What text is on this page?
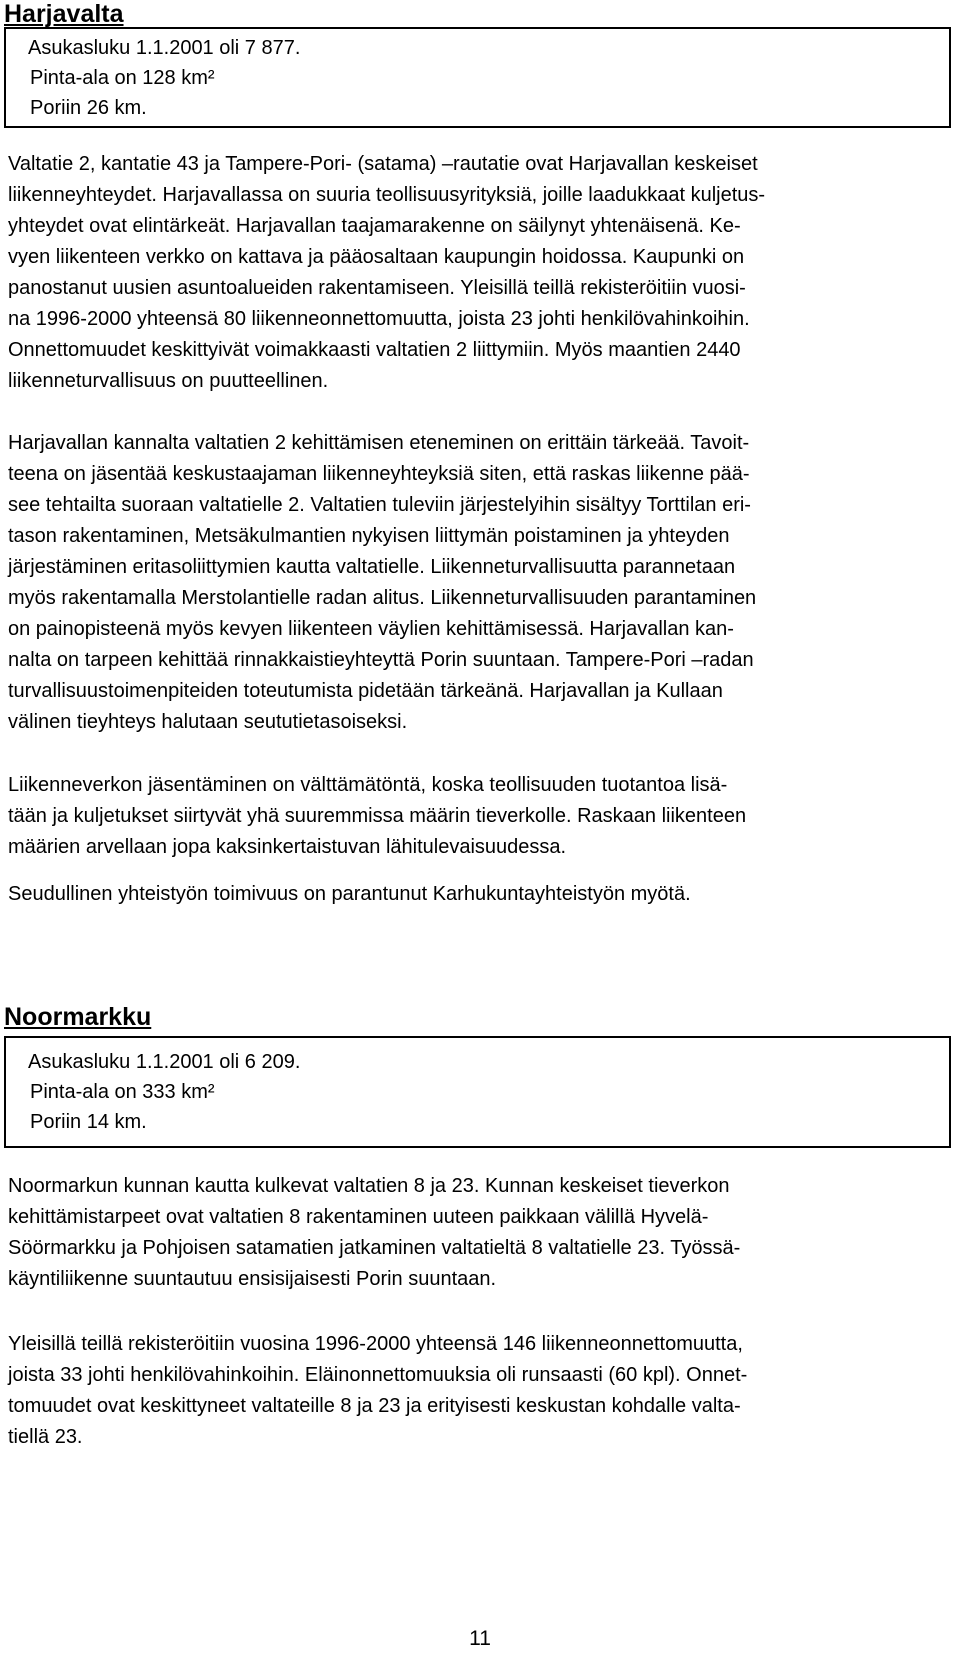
Harjavalta
Asukasluku 1.1.2001 oli 7 877.
Pinta-ala on 128 km²
Poriin 26 km.
Valtatie 2, kantatie 43 ja Tampere-Pori- (satama) –rautatie ovat Harjavallan keskeiset
liikenneyhteydet. Harjavallassa on suuria teollisuusyrityksiä, joille laadukkaat kuljetus-
yhteydet ovat elintärkeät. Harjavallan taajamarakenne on säilynyt yhtenäisenä. Ke-
vyen liikenteen verkko on kattava ja pääosaltaan kaupungin hoidossa. Kaupunki on
panostanut uusien asuntoalueiden rakentamiseen. Yleisillä teillä rekisteröitiin vuosi-
na 1996-2000 yhteensä 80 liikenneonnettomuutta, joista 23 johti henkilövahinkoihin.
Onnettomuudet keskittyivät voimakkaasti valtatien 2 liittymiin. Myös maantien 2440
liikenneturvallisuus on puutteellinen.
Harjavallan kannalta valtatien 2 kehittämisen eteneminen on erittäin tärkeää. Tavoit-
teena on jäsentää keskustaajaman liikenneyhteyksiä siten, että raskas liikenne pää-
see tehtailta suoraan valtatielle 2. Valtatien tuleviin järjestelyihin sisältyy Torttilan eri-
tason rakentaminen, Metsäkulmantien nykyisen liittymän poistaminen ja yhteyden
järjestäminen eritasoliittymien kautta valtatielle. Liikenneturvallisuutta parannetaan
myös rakentamalla Merstolantielle radan alitus. Liikenneturvallisuuden parantaminen
on painopisteenä myös kevyen liikenteen väylien kehittämisessä. Harjavallan kan-
nalta on tarpeen kehittää rinnakkaistieyhteyttä Porin suuntaan. Tampere-Pori –radan
turvallisuustoimenpiteiden toteutumista pidetään tärkeänä. Harjavallan ja Kullaan
välinen tieyhteys halutaan seututietasoiseksi.
Liikenneverkon jäsentäminen on välttämätöntä, koska teollisuuden tuotantoa lisä-
tään ja kuljetukset siirtyvät yhä suuremmissa määrin tieverkolle. Raskaan liikenteen
määrien arvellaan jopa kaksinkertaistuvan lähitulevaisuudessa.
Seudullinen yhteistyön toimivuus on parantunut Karhukuntayhteistyön myötä.
Noormarkku
Asukasluku 1.1.2001 oli 6 209.
Pinta-ala on 333 km²
Poriin 14 km.
Noormarkun kunnan kautta kulkevat valtatien 8 ja 23. Kunnan keskeiset tieverkon
kehittämistarpeet ovat valtatien 8 rakentaminen uuteen paikkaan välillä Hyvelä-
Söörmarkku ja Pohjoisen satamatien jatkaminen valtatieltä 8 valtatielle 23. Työssä-
käyntiliikenne suuntautuu ensisijaisesti Porin suuntaan.
Yleisillä teillä rekisteröitiin vuosina 1996-2000 yhteensä 146 liikenneonnettomuutta,
joista 33 johti henkilövahinkoihin. Eläinonnettomuuksia oli runsaasti (60 kpl). Onnet-
tomuudet ovat keskittyneet valtateille 8 ja 23 ja erityisesti keskustan kohdalle valta-
tiellä 23.
11
